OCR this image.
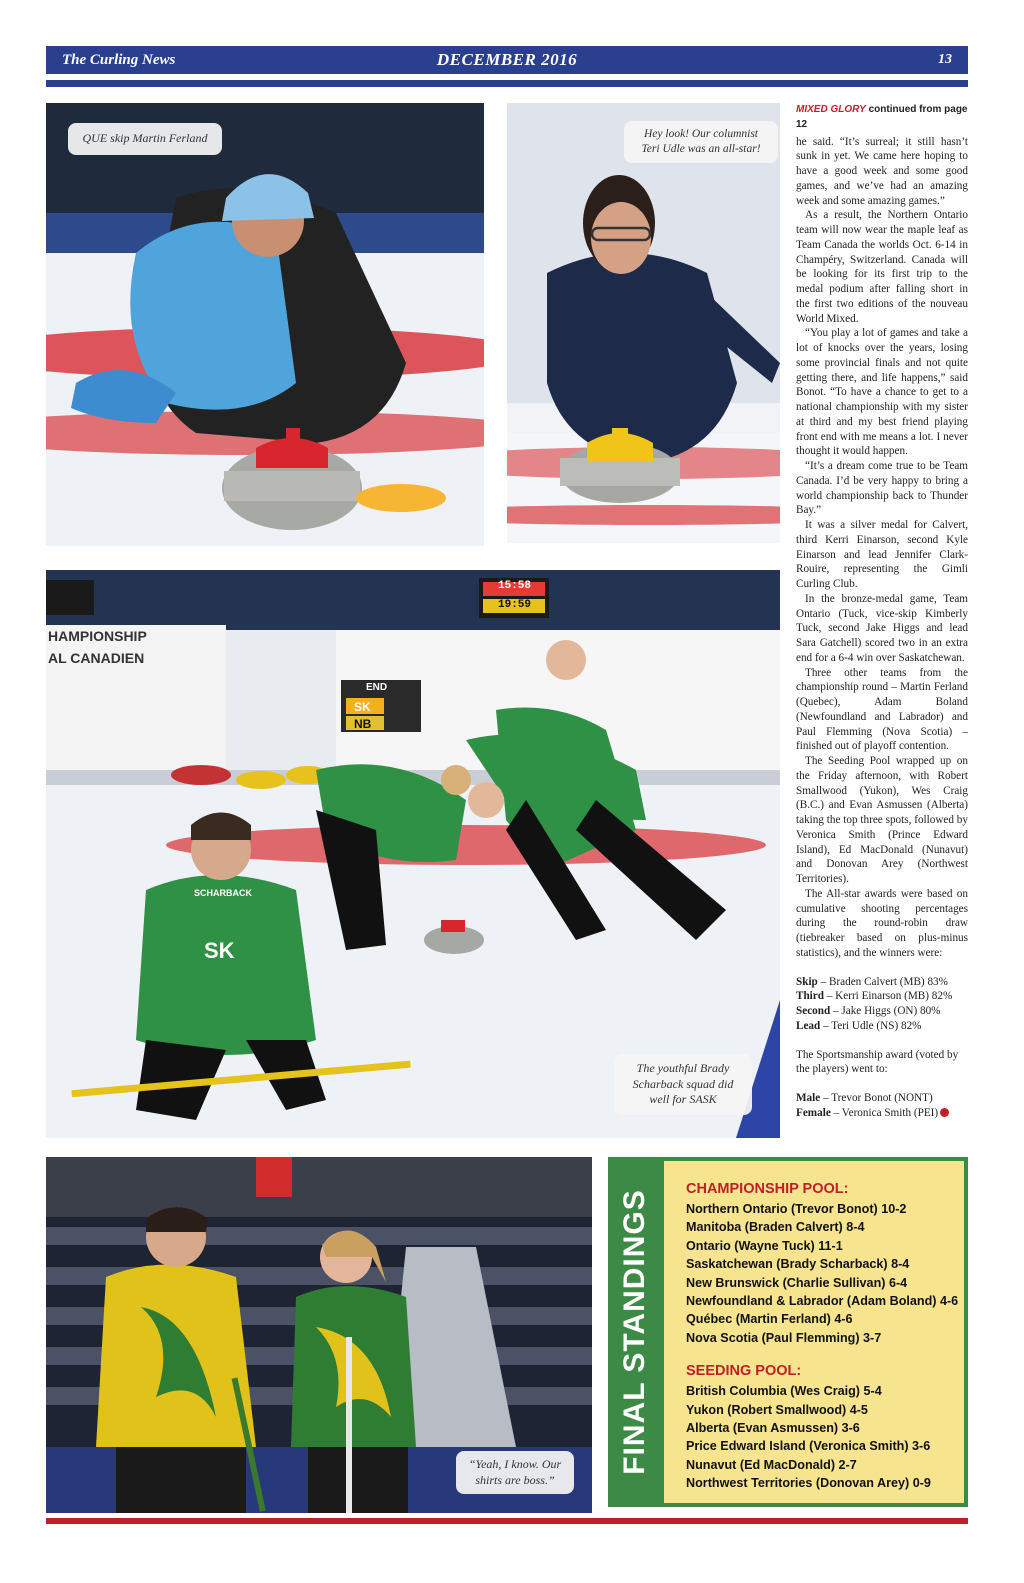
The Curling News	DECEMBER 2016	13
QUE skip Martin Ferland	Hey look! Our columnist
Teri Udle was an all-star!
HAMPIONSHIP
AL CANADIEN
END
SK
NB
15:58
19:59
SCHARBACK
SK
The youthful Brady
Scharback squad did
well for SASK
MIXED GLORY continued from page 12

he said. “It’s surreal; it still hasn’t sunk in yet. We came here hoping to have a good week and some good games, and we’ve had an amazing week and some amazing games.”

As a result, the Northern Ontario team will now wear the maple leaf as Team Canada the worlds Oct. 6-14 in Champéry, Switzerland. Canada will be looking for its first trip to the medal podium after falling short in the first two editions of the nouveau World Mixed.

“You play a lot of games and take a lot of knocks over the years, losing some provincial finals and not quite getting there, and life happens,” said Bonot. “To have a chance to get to a national championship with my sister at third and my best friend playing front end with me means a lot. I never thought it would happen.

“It’s a dream come true to be Team Canada. I’d be very happy to bring a world championship back to Thunder Bay.”

It was a silver medal for Calvert, third Kerri Einarson, second Kyle Einarson and lead Jennifer Clark-Rouire, representing the Gimli Curling Club.

In the bronze-medal game, Team Ontario (Tuck, vice-skip Kimberly Tuck, second Jake Higgs and lead Sara Gatchell) scored two in an extra end for a 6-4 win over Saskatchewan.

Three other teams from the championship round – Martin Ferland (Quebec), Adam Boland (Newfoundland and Labrador) and Paul Flemming (Nova Scotia) – finished out of playoff contention.

The Seeding Pool wrapped up on the Friday afternoon, with Robert Smallwood (Yukon), Wes Craig (B.C.) and Evan Asmussen (Alberta) taking the top three spots, followed by Veronica Smith (Prince Edward Island), Ed MacDonald (Nunavut) and Donovan Arey (Northwest Territories).

The All-star awards were based on cumulative shooting percentages during the round-robin draw (tiebreaker based on plus-minus statistics), and the winners were:

Skip – Braden Calvert (MB) 83%
Third – Kerri Einarson (MB) 82%
Second – Jake Higgs (ON) 80%
Lead – Teri Udle (NS) 82%

The Sportsmanship award (voted by the players) went to:

Male – Trevor Bonot (NONT)
Female – Veronica Smith (PEI)
“Yeah, I know. Our
shirts are boss.”
FINAL STANDINGS
CHAMPIONSHIP POOL:
Northern Ontario (Trevor Bonot) 10-2
Manitoba (Braden Calvert) 8-4
Ontario (Wayne Tuck) 11-1
Saskatchewan (Brady Scharback) 8-4
New Brunswick (Charlie Sullivan) 6-4
Newfoundland & Labrador (Adam Boland) 4-6
Québec (Martin Ferland) 4-6
Nova Scotia (Paul Flemming) 3-7
SEEDING POOL:
British Columbia (Wes Craig) 5-4
Yukon (Robert Smallwood) 4-5
Alberta (Evan Asmussen) 3-6
Price Edward Island (Veronica Smith) 3-6
Nunavut (Ed MacDonald) 2-7
Northwest Territories (Donovan Arey) 0-9
